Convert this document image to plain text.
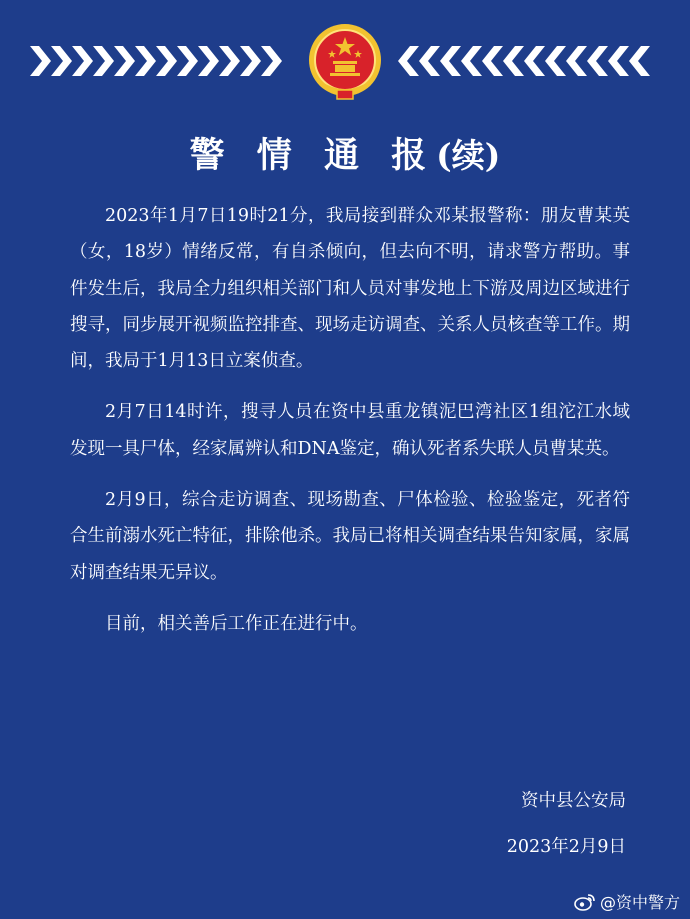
警 情 通 报(续)

2023年1月7日19时21分，我局接到群众邓某报警称：朋友曹某英（女，18岁）情绪反常，有自杀倾向，但去向不明，请求警方帮助。事件发生后，我局全力组织相关部门和人员对事发地上下游及周边区域进行搜寻，同步展开视频监控排查、现场走访调查、关系人员核查等工作。期间，我局于1月13日立案侦查。

2月7日14时许，搜寻人员在资中县重龙镇泥巴湾社区1组沱江水域发现一具尸体，经家属辨认和DNA鉴定，确认死者系失联人员曹某英。

2月9日，综合走访调查、现场勘查、尸体检验、检验鉴定，死者符合生前溺水死亡特征，排除他杀。我局已将相关调查结果告知家属，家属对调查结果无异议。

目前，相关善后工作正在进行中。

资中县公安局
2023年2月9日
@资中警方
